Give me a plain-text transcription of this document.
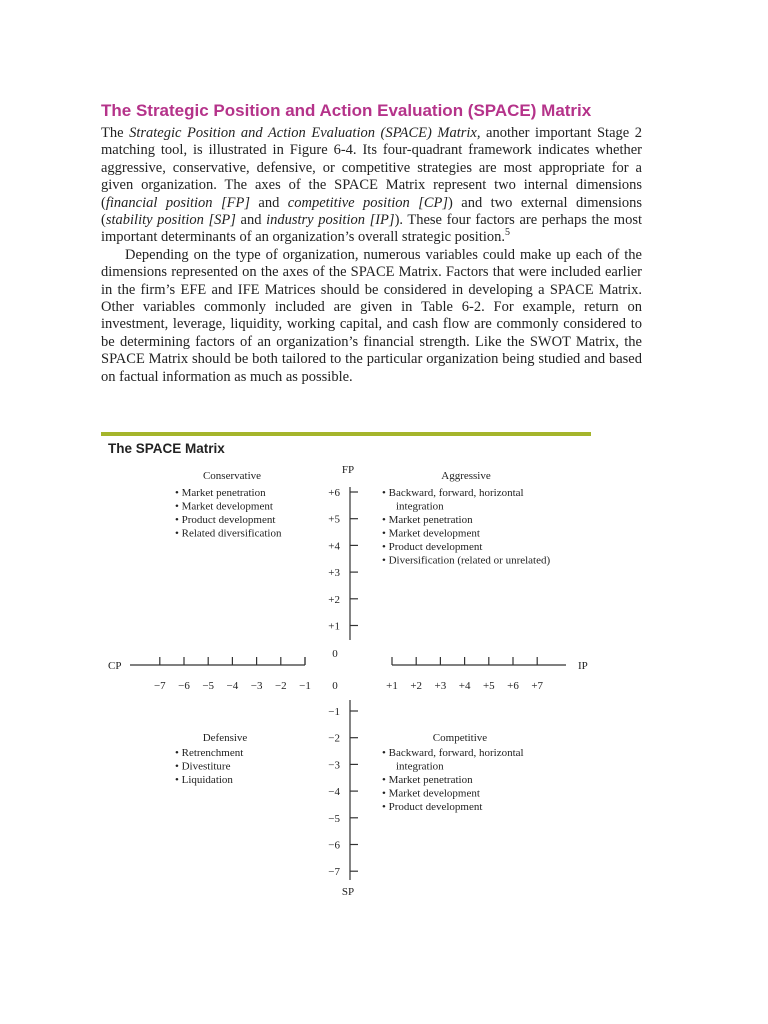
The Strategic Position and Action Evaluation (SPACE) Matrix

The Strategic Position and Action Evaluation (SPACE) Matrix, another important Stage 2 matching tool, is illustrated in Figure 6-4. Its four-quadrant framework indicates whether aggressive, conservative, defensive, or competitive strategies are most appropriate for a given organization. The axes of the SPACE Matrix represent two internal dimensions (financial position [FP] and competitive position [CP]) and two external dimensions (stability position [SP] and industry position [IP]). These four factors are perhaps the most important determinants of an organization’s overall strategic position.$^5$

Depending on the type of organization, numerous variables could make up each of the dimensions represented on the axes of the SPACE Matrix. Factors that were included earlier in the firm’s EFE and IFE Matrices should be considered in developing a SPACE Matrix. Other variables commonly included are given in Table 6-2. For example, return on investment, leverage, liquidity, working capital, and cash flow are commonly considered to be determining factors of an organization’s financial strength. Like the SWOT Matrix, the SPACE Matrix should be both tailored to the particular organization being studied and based on factual information as much as possible.

The SPACE Matrix
−7 −6 −5 −4 −3 −2 −1	+1 +2 +3 +4 +5 +6 +7
+6
+5
+4
+3
+2
+1
−1
−2
−3
−4
−5
−6
−7
0
0
FP
SP
CP	IP
Conservative
• Market penetration
• Market development
• Product development
• Related diversification
Aggressive
• Backward, forward, horizontal
integration
• Market penetration
• Market development
• Product development
• Diversification (related or unrelated)
Defensive
• Retrenchment
• Divestiture
• Liquidation
Competitive
• Backward, forward, horizontal
integration
• Market penetration
• Market development
• Product development
